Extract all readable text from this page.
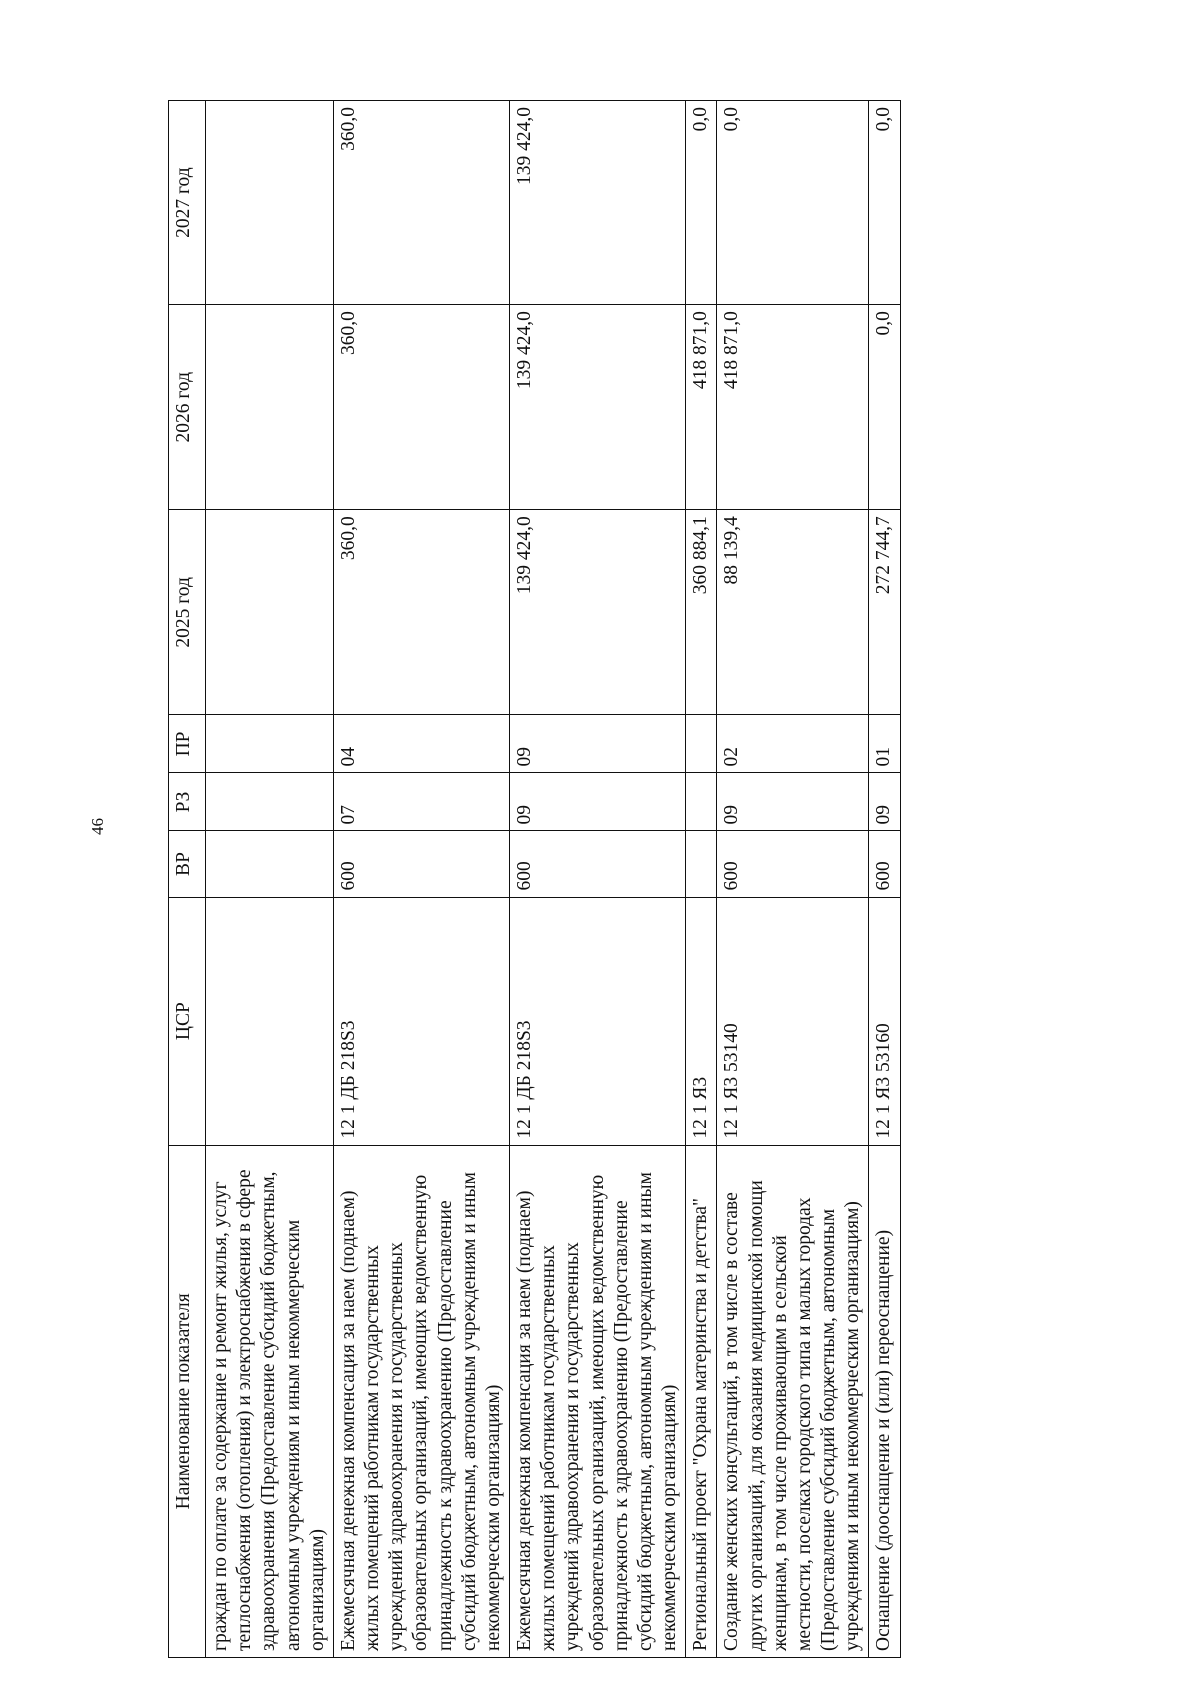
46
Наименование показателя	ЦСР	ВР	РЗ	ПР	2025 год	2026 год	2027 год
граждан по оплате за содержание и ремонт жилья, услуг теплоснабжения (отопления) и электроснабжения в сфере здравоохранения (Предоставление субсидий бюджетным, автономным учреждениям и иным некоммерческим организациям)							
Ежемесячная денежная компенсация за наем (поднаем) жилых помещений работникам государственных учреждений здравоохранения и государственных образовательных организаций, имеющих ведомственную принадлежность к здравоохранению (Предоставление субсидий бюджетным, автономным учреждениям и иным некоммерческим организациям)	12 1 ДБ 218S3	600	07	04	360,0	360,0	360,0
Ежемесячная денежная компенсация за наем (поднаем) жилых помещений работникам государственных учреждений здравоохранения и государственных образовательных организаций, имеющих ведомственную принадлежность к здравоохранению (Предоставление субсидий бюджетным, автономным учреждениям и иным некоммерческим организациям)	12 1 ДБ 218S3	600	09	09	139 424,0	139 424,0	139 424,0
Региональный проект "Охрана материнства и детства"	12 1 Я3				360 884,1	418 871,0	0,0
Создание женских консультаций, в том числе в составе других организаций, для оказания медицинской помощи женщинам, в том числе проживающим в сельской местности, поселках городского типа и малых городах (Предоставление субсидий бюджетным, автономным учреждениям и иным некоммерческим организациям)	12 1 Я3 53140	600	09	02	88 139,4	418 871,0	0,0
Оснащение (дооснащение и (или) переоснащение)	12 1 Я3 53160	600	09	01	272 744,7	0,0	0,0
